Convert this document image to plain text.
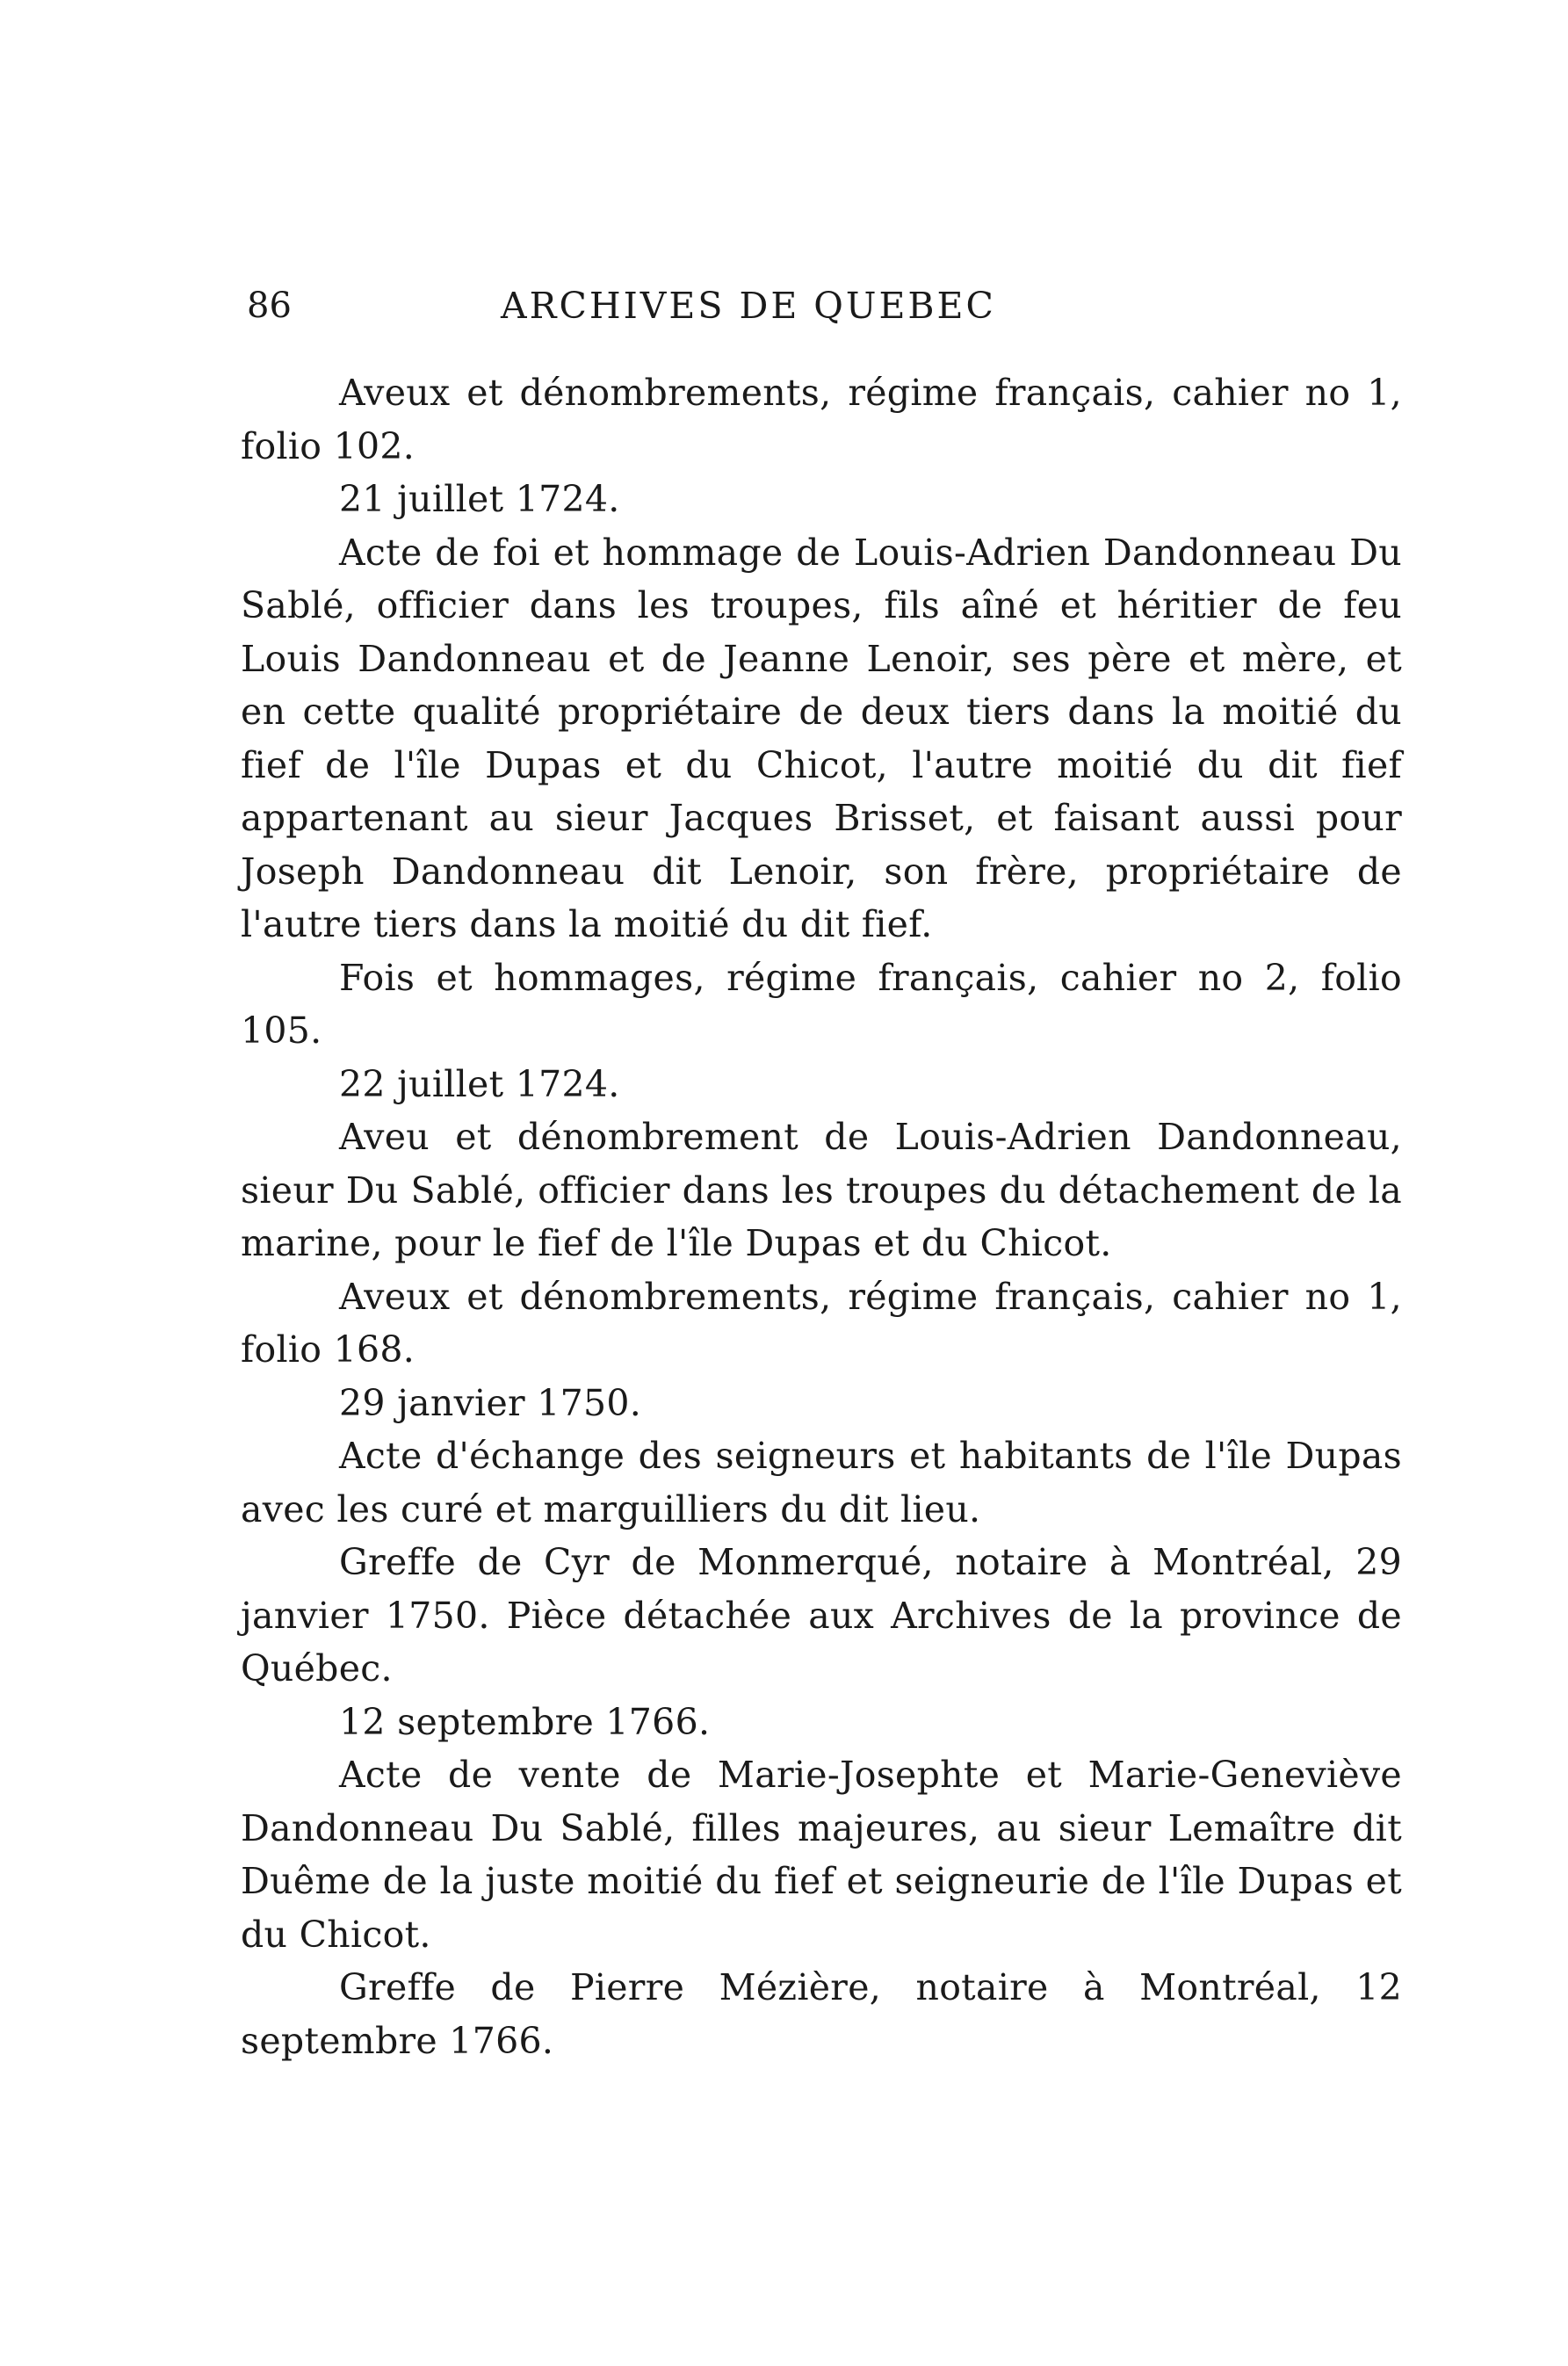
86	ARCHIVES DE QUEBEC

Aveux et dénombrements, régime français, cahier no 1, folio 102.

21 juillet 1724.

Acte de foi et hommage de Louis-Adrien Dandonneau Du Sablé, officier dans les troupes, fils aîné et héritier de feu Louis Dandonneau et de Jeanne Lenoir, ses père et mère, et en cette qualité propriétaire de deux tiers dans la moitié du fief de l'île Dupas et du Chicot, l'autre moitié du dit fief appartenant au sieur Jacques Brisset, et faisant aussi pour Joseph Dandonneau dit Lenoir, son frère, propriétaire de l'autre tiers dans la moitié du dit fief.

Fois et hommages, régime français, cahier no 2, folio 105.

22 juillet 1724.

Aveu et dénombrement de Louis-Adrien Dandonneau, sieur Du Sablé, officier dans les troupes du détachement de la marine, pour le fief de l'île Dupas et du Chicot.

Aveux et dénombrements, régime français, cahier no 1, folio 168.

29 janvier 1750.

Acte d'échange des seigneurs et habitants de l'île Dupas avec les curé et marguilliers du dit lieu.

Greffe de Cyr de Monmerqué, notaire à Montréal, 29 janvier 1750. Pièce détachée aux Archives de la province de Québec.

12 septembre 1766.

Acte de vente de Marie-Josephte et Marie-Geneviève Dandonneau Du Sablé, filles majeures, au sieur Lemaître dit Duême de la juste moitié du fief et seigneurie de l'île Dupas et du Chicot.

Greffe de Pierre Mézière, notaire à Montréal, 12 septembre 1766.
